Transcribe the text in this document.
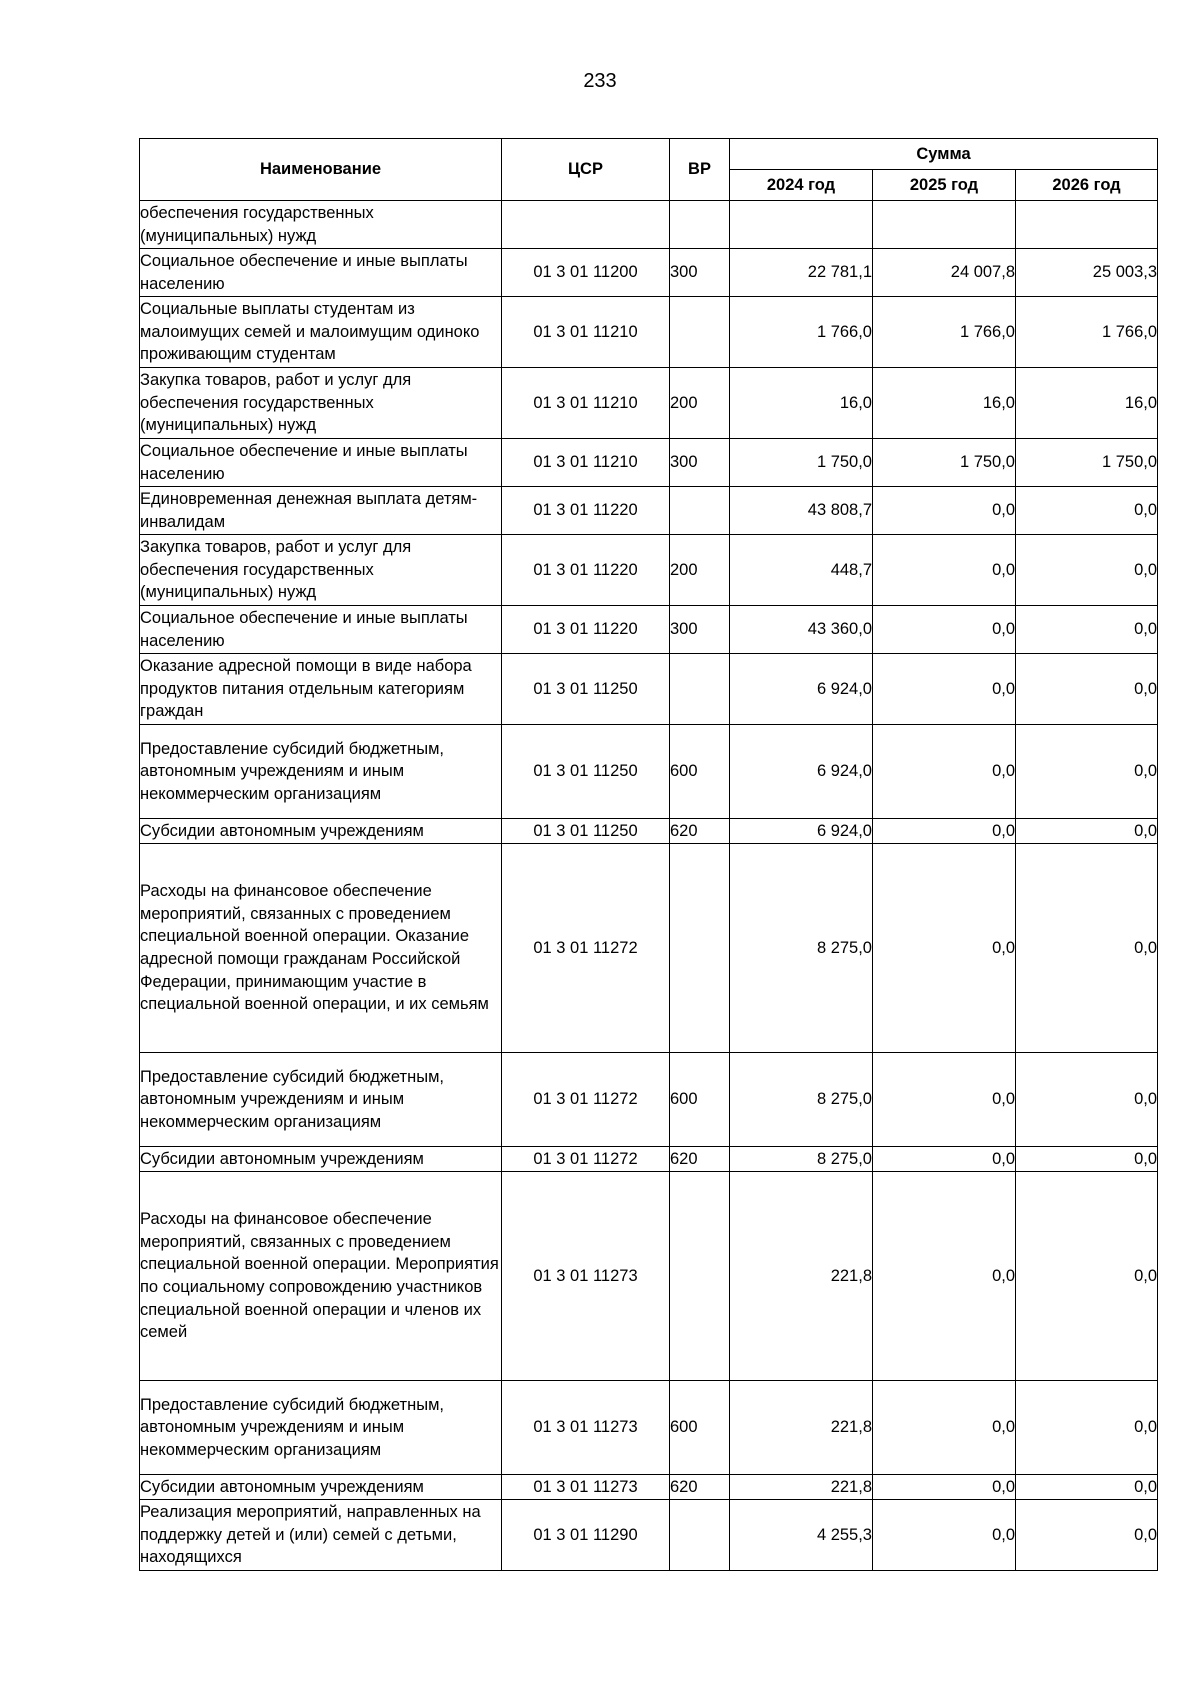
233
Наименование	ЦСР	ВР	Сумма		
			2024 год	2025 год	2026 год
обеспечения государственных (муниципальных) нужд					
Социальное обеспечение и иные выплаты населению	01 3 01 11200	300	22 781,1	24 007,8	25 003,3
Социальные выплаты студентам из малоимущих семей и малоимущим одиноко проживающим студентам	01 3 01 11210		1 766,0	1 766,0	1 766,0
Закупка товаров, работ и услуг для обеспечения государственных (муниципальных) нужд	01 3 01 11210	200	16,0	16,0	16,0
Социальное обеспечение и иные выплаты населению	01 3 01 11210	300	1 750,0	1 750,0	1 750,0
Единовременная денежная выплата детям-инвалидам	01 3 01 11220		43 808,7	0,0	0,0
Закупка товаров, работ и услуг для обеспечения государственных (муниципальных) нужд	01 3 01 11220	200	448,7	0,0	0,0
Социальное обеспечение и иные выплаты населению	01 3 01 11220	300	43 360,0	0,0	0,0
Оказание адресной помощи в виде набора продуктов питания отдельным категориям граждан	01 3 01 11250		6 924,0	0,0	0,0
Предоставление субсидий бюджетным, автономным учреждениям и иным некоммерческим организациям	01 3 01 11250	600	6 924,0	0,0	0,0
Субсидии автономным учреждениям	01 3 01 11250	620	6 924,0	0,0	0,0
Расходы на финансовое обеспечение мероприятий, связанных с проведением специальной военной операции. Оказание адресной помощи гражданам Российской Федерации, принимающим участие в специальной военной операции, и их семьям	01 3 01 11272		8 275,0	0,0	0,0
Предоставление субсидий бюджетным, автономным учреждениям и иным некоммерческим организациям	01 3 01 11272	600	8 275,0	0,0	0,0
Субсидии автономным учреждениям	01 3 01 11272	620	8 275,0	0,0	0,0
Расходы на финансовое обеспечение мероприятий, связанных с проведением специальной военной операции. Мероприятия по социальному сопровождению участников специальной военной операции и членов их семей	01 3 01 11273		221,8	0,0	0,0
Предоставление субсидий бюджетным, автономным учреждениям и иным некоммерческим организациям	01 3 01 11273	600	221,8	0,0	0,0
Субсидии автономным учреждениям	01 3 01 11273	620	221,8	0,0	0,0
Реализация мероприятий, направленных на поддержку детей и (или) семей с детьми, находящихся	01 3 01 11290		4 255,3	0,0	0,0
